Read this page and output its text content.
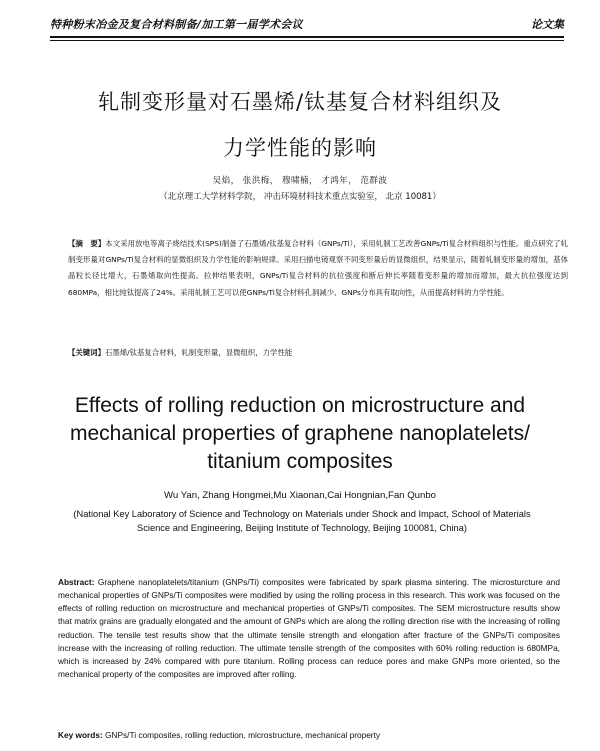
特种粉末冶金及复合材料制备/加工第一届学术会议	论文集
轧制变形量对石墨烯/钛基复合材料组织及
力学性能的影响
吴焰， 张洪梅， 穆啸楠， 才鸿年， 范群波
（北京理工大学材料学院， 冲击环境材料技术重点实验室， 北京 10081）
【摘　要】本文采用放电等离子烧结技术(SPS)制备了石墨烯/钛基复合材料（GNPs/Ti），采用轧制工艺改善GNPs/Ti复合材料组织与性能。重点研究了轧制变形量对GNPs/Ti复合材料的显微组织及力学性能的影响规律。采用扫描电镜观察不同变形量后的显微组织，结果显示，随着轧制变形量的增加，基体晶粒长径比增大，石墨烯取向性提高。拉伸结果表明，GNPs/Ti复合材料的抗拉强度和断后伸长率随着变形量的增加而增加，最大抗拉强度达到680MPa，相比纯钛提高了24%。采用轧制工艺可以使GNPs/Ti复合材料孔洞减少、GNPs分布具有取向性，从而提高材料的力学性能。
【关键词】石墨烯/钛基复合材料，轧制变形量，显微组织，力学性能
Effects of rolling reduction on microstructure and mechanical properties of graphene nanoplatelets/ titanium composites
Wu Yan, Zhang Hongmei,Mu Xiaonan,Cai Hongnian,Fan Qunbo
(National Key Laboratory of Science and Technology on Materials under Shock and Impact, School of Materials Science and Engineering, Beijing Institute of Technology, Beijing 100081, China)
Abstract: Graphene nanoplatelets/titanium (GNPs/Ti) composites were fabricated by spark plasma sintering. The microsturcture and mechanical properties of GNPs/Ti composites were modified by using the rolling process in this research. This work was focused on the effects of rolling reduction on microstructure and mechanical properties of GNPs/Ti composites. The SEM microstructure results show that matrix grains are gradually elongated and the amount of GNPs which are along the rolling direction rise with the increasing of rolling reduction. The tensile test results show that the ultimate tensile strength and elongation after fracture of the GNPs/Ti composites increase with the increasing of rolling reduction. The ultimate tensile strength of the composites with 60% rolling reduction is 680MPa, which is increased by 24% compared with pure titanium. Rolling process can reduce pores and make GNPs more oriented, so the mechanical property of the composites are improved after rolling.
Key words: GNPs/Ti composites, rolling reduction, microstructure, mechanical property
